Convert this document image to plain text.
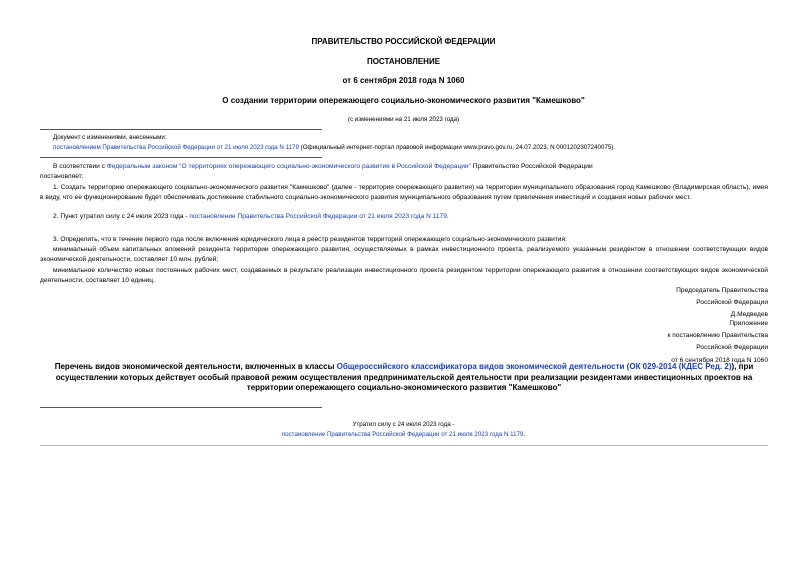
ПРАВИТЕЛЬСТВО РОССИЙСКОЙ ФЕДЕРАЦИИ
ПОСТАНОВЛЕНИЕ
от 6 сентября 2018 года N 1060
О создании территории опережающего социально-экономического развития "Камешково"
(с изменениями на 21 июля 2023 года)
Документ с изменениями, внесенными:
постановлением Правительства Российской Федерации от 21 июля 2023 года N 1179 (Официальный интернет-портал правовой информации www.pravo.gov.ru, 24.07.2023, N 0001202307240075).
В соответствии с Федеральным законом "О территориях опережающего социально-экономического развития в Российской Федерации" Правительство Российской Федерации
постановляет:
1. Создать территорию опережающего социально-экономического развития "Камешково" (далее - территория опережающего развития) на территории муниципального образования город Камешково (Владимирская область), имея в виду, что ее функционирование будет обеспечивать достижение стабильного социально-экономического развития муниципального образования путем привлечения инвестиций и создания новых рабочих мест.
2. Пункт утратил силу с 24 июля 2023 года - постановление Правительства Российской Федерации от 21 июля 2023 года N 1179.
3. Определить, что в течение первого года после включения юридического лица в реестр резидентов территорий опережающего социально-экономического развития:
минимальный объем капитальных вложений резидента территории опережающего развития, осуществляемых в рамках инвестиционного проекта, реализуемого указанным резидентом в отношении соответствующих видов экономической деятельности, составляет 10 млн. рублей;
минимальное количество новых постоянных рабочих мест, создаваемых в результате реализации инвестиционного проекта резидентом территории опережающего развития в отношении соответствующих видов экономической деятельности, составляет 10 единиц.
Председатель Правительства
Российской Федерации
Д.Медведев
Приложение
к постановлению Правительства
Российской Федерации
от 6 сентября 2018 года N 1060
Перечень видов экономической деятельности, включенных в классы Общероссийского классификатора видов экономической деятельности (ОК 029-2014 (КДЕС Ред. 2)), при осуществлении которых действует особый правовой режим осуществления предпринимательской деятельности при реализации резидентами инвестиционных проектов на территории опережающего социально-экономического развития "Камешково"
Утратил силу с 24 июля 2023 года -
постановление Правительства Российской Федерации от 21 июля 2023 года N 1179.
